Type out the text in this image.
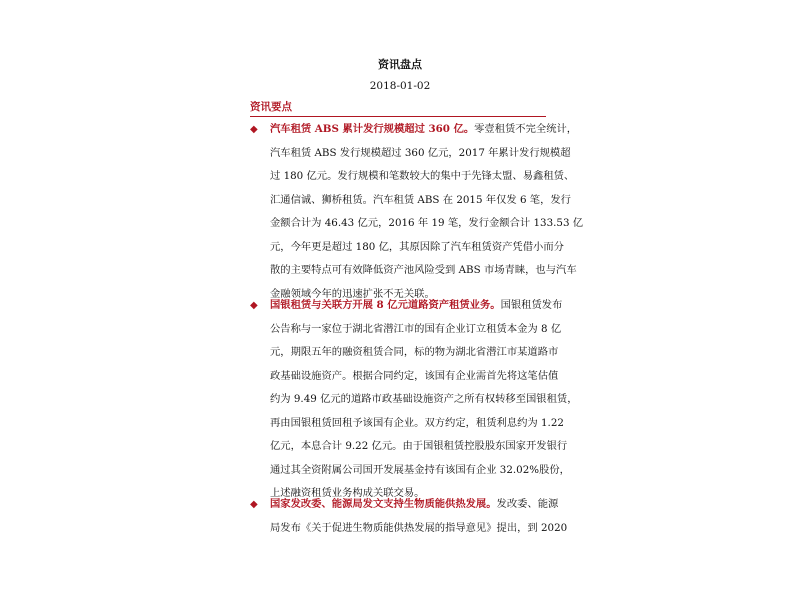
资讯盘点
2018-01-02
资讯要点
◆ 汽车租赁 ABS 累计发行规模超过 360 亿。零壹租赁不完全统计，
汽车租赁 ABS 发行规模超过 360 亿元，2017 年累计发行规模超
过 180 亿元。发行规模和笔数较大的集中于先锋太盟、易鑫租赁、
汇通信诚、狮桥租赁。汽车租赁 ABS 在 2015 年仅发 6 笔，发行
金额合计为 46.43 亿元，2016 年 19 笔，发行金额合计 133.53 亿
元，今年更是超过 180 亿，其原因除了汽车租赁资产凭借小而分
散的主要特点可有效降低资产池风险受到 ABS 市场青睐，也与汽车
金融领域今年的迅速扩张不无关联。
◆ 国银租赁与关联方开展 8 亿元道路资产租赁业务。国银租赁发布
公告称与一家位于湖北省潜江市的国有企业订立租赁本金为 8 亿
元，期限五年的融资租赁合同，标的物为湖北省潜江市某道路市
政基础设施资产。根据合同约定，该国有企业需首先将这笔估值
约为 9.49 亿元的道路市政基础设施资产之所有权转移至国银租赁，
再由国银租赁回租予该国有企业。双方约定，租赁利息约为 1.22
亿元，本息合计 9.22 亿元。由于国银租赁控股股东国家开发银行
通过其全资附属公司国开发展基金持有该国有企业 32.02%股份，
上述融资租赁业务构成关联交易。
◆ 国家发改委、能源局发文支持生物质能供热发展。发改委、能源
局发布《关于促进生物质能供热发展的指导意见》提出，到 2020
